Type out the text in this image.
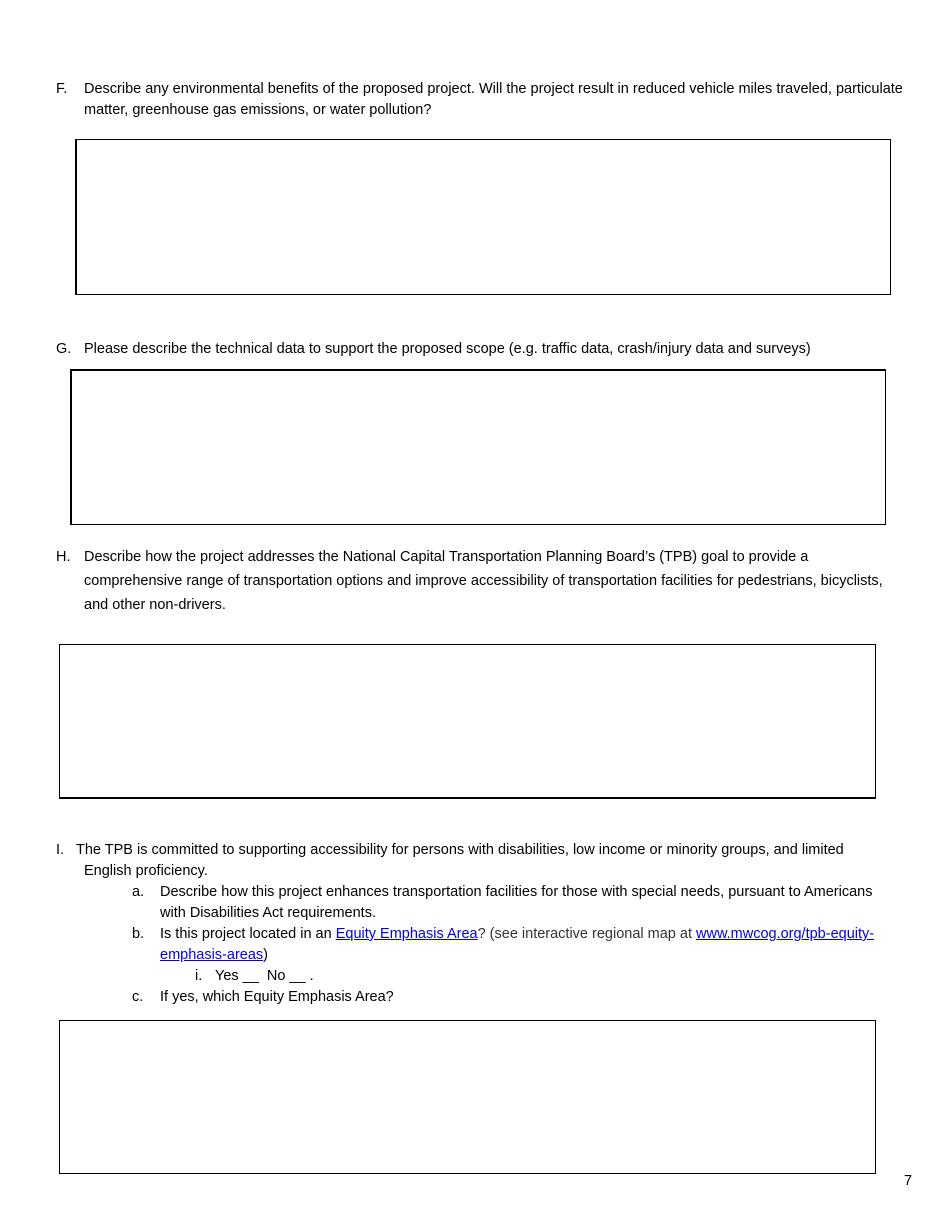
F.	Describe any environmental benefits of the proposed project. Will the project result in reduced vehicle miles traveled, particulate matter, greenhouse gas emissions, or water pollution?
G. Please describe the technical data to support the proposed scope (e.g. traffic data, crash/injury data and surveys)
H. Describe how the project addresses the National Capital Transportation Planning Board’s (TPB) goal to provide a comprehensive range of transportation options and improve accessibility of transportation facilities for pedestrians, bicyclists, and other non-drivers.
I. The TPB is committed to supporting accessibility for persons with disabilities, low income or minority groups, and limited English proficiency.
a.	Describe how this project enhances transportation facilities for those with special needs, pursuant to Americans with Disabilities Act requirements.
b.	Is this project located in an Equity Emphasis Area? (see interactive regional map at www.mwcog.org/tpb-equity-emphasis-areas)
i. Yes __  No __ .
c.	If yes, which Equity Emphasis Area?
7
